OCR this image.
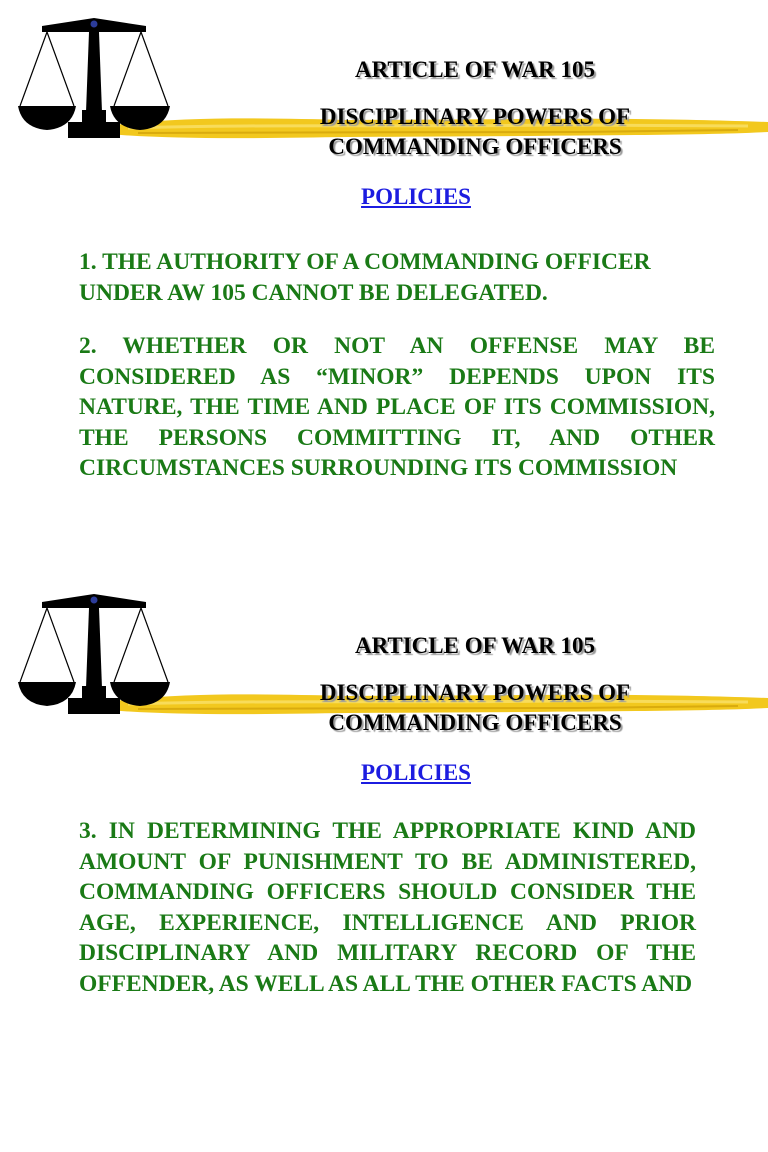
ARTICLE OF WAR 105
DISCIPLINARY POWERS OF COMMANDING OFFICERS
POLICIES

1. THE AUTHORITY OF A COMMANDING OFFICER UNDER AW 105 CANNOT BE DELEGATED.

2. WHETHER OR NOT AN OFFENSE MAY BE CONSIDERED AS “MINOR” DEPENDS UPON ITS NATURE, THE TIME AND PLACE OF ITS COMMISSION, THE PERSONS COMMITTING IT, AND OTHER CIRCUMSTANCES SURROUNDING ITS COMMISSION

ARTICLE OF WAR 105
DISCIPLINARY POWERS OF COMMANDING OFFICERS
POLICIES

3. IN DETERMINING THE APPROPRIATE KIND AND AMOUNT OF PUNISHMENT TO BE ADMINISTERED, COMMANDING OFFICERS SHOULD CONSIDER THE AGE, EXPERIENCE, INTELLIGENCE AND PRIOR DISCIPLINARY AND MILITARY RECORD OF THE OFFENDER, AS WELL AS ALL THE OTHER FACTS AND
